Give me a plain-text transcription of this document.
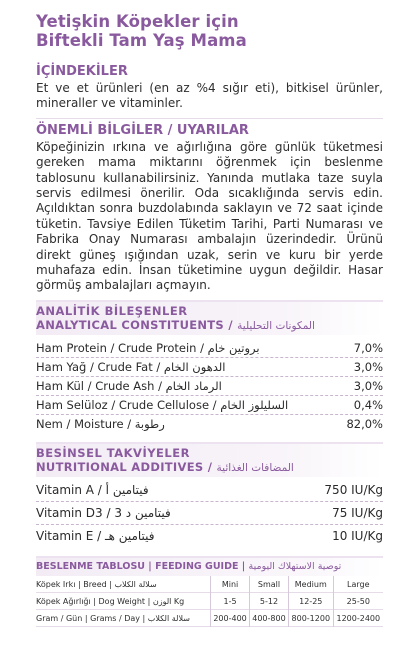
Yetişkin Köpekler için
Biftekli Tam Yaş Mama
İÇİNDEKİLER
Et ve et ürünleri (en az %4 sığır eti), bitkisel ürünler, mineraller ve vitaminler.
ÖNEMLİ BİLGİLER / UYARILAR
Köpeğinizin ırkına ve ağırlığına göre günlük tüketmesi gereken mama miktarını öğrenmek için beslenme tablosunu kullanabilirsiniz. Yanında mutlaka taze suyla servis edilmesi önerilir. Oda sıcaklığında servis edin. Açıldıktan sonra buzdolabında saklayın ve 72 saat içinde tüketin. Tavsiye Edilen Tüketim Tarihi, Parti Numarası ve Fabrika Onay Numarası ambalajın üzerindedir. Ürünü direkt güneş ışığından uzak, serin ve kuru bir yerde muhafaza edin. İnsan tüketimine uygun değildir. Hasar görmüş ambalajları açmayın.
ANALİTİK BİLEŞENLER
ANALYTICAL CONSTITUENTS / المكونات التحليلية
Ham Protein / Crude Protein / بروتين خام	7,0%
Ham Yağ / Crude Fat / الدهون الخام	3,0%
Ham Kül / Crude Ash / الرماد الخام	3,0%
Ham Selüloz / Crude Cellulose / السليلوز الخام	0,4%
Nem / Moisture / رطوبة	82,0%
BESİNSEL TAKVİYELER
NUTRITIONAL ADDITIVES / المضافات الغذائية
Vitamin A / فيتامين أ	750 IU/Kg
Vitamin D3 / فيتامين د 3	75 IU/Kg
Vitamin E / فيتامين هـ	10 IU/Kg
BESLENME TABLOSU | FEEDING GUIDE | توصية الاستهلاك اليومية
Köpek Irkı | Breed | سلالة الكلاب	Mini	Small	Medium	Large
Köpek Ağırlığı | Dog Weight | الوزن Kg	1-5	5-12	12-25	25-50
Gram / Gün | Grams / Day | سلالة الكلاب	200-400	400-800	800-1200	1200-2400
